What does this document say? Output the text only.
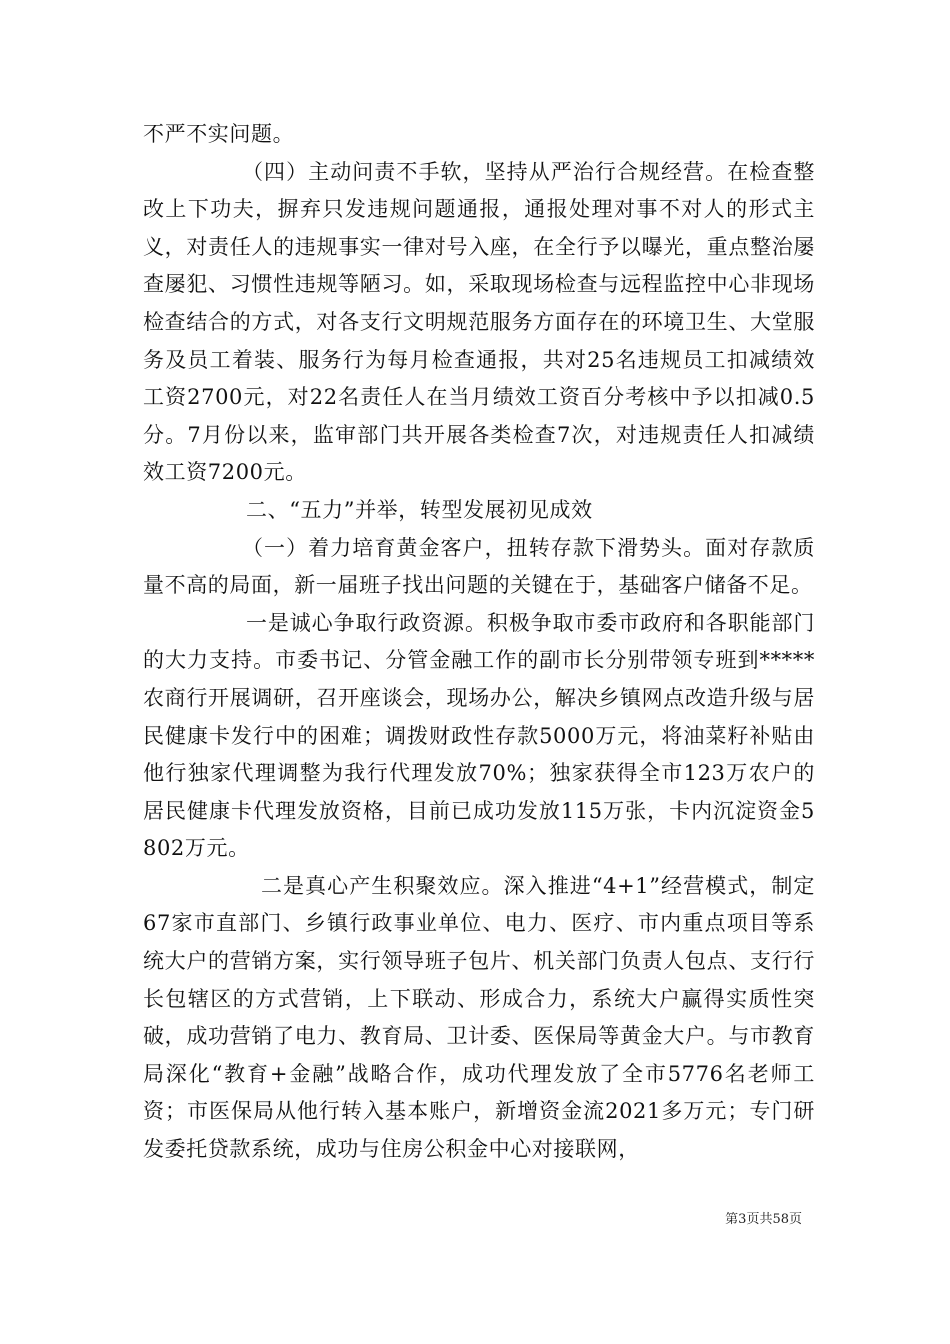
不严不实问题。

（四）主动问责不手软，坚持从严治行合规经营。在检查整改上下功夫，摒弃只发违规问题通报，通报处理对事不对人的形式主义，对责任人的违规事实一律对号入座，在全行予以曝光，重点整治屡查屡犯、习惯性违规等陋习。如，采取现场检查与远程监控中心非现场检查结合的方式，对各支行文明规范服务方面存在的环境卫生、大堂服务及员工着装、服务行为每月检查通报，共对25名违规员工扣减绩效工资2700元，对22名责任人在当月绩效工资百分考核中予以扣减0.5分。7月份以来，监审部门共开展各类检查7次，对违规责任人扣减绩效工资7200元。

二、“五力”并举，转型发展初见成效

（一）着力培育黄金客户，扭转存款下滑势头。面对存款质量不高的局面，新一届班子找出问题的关键在于，基础客户储备不足。

一是诚心争取行政资源。积极争取市委市政府和各职能部门的大力支持。市委书记、分管金融工作的副市长分别带领专班到*****农商行开展调研，召开座谈会，现场办公，解决乡镇网点改造升级与居民健康卡发行中的困难；调拨财政性存款5000万元，将油菜籽补贴由他行独家代理调整为我行代理发放70%；独家获得全市123万农户的居民健康卡代理发放资格，目前已成功发放115万张，卡内沉淀资金5802万元。

二是真心产生积聚效应。深入推进“4+1”经营模式，制定67家市直部门、乡镇行政事业单位、电力、医疗、市内重点项目等系统大户的营销方案，实行领导班子包片、机关部门负责人包点、支行行长包辖区的方式营销，上下联动、形成合力，系统大户赢得实质性突破，成功营销了电力、教育局、卫计委、医保局等黄金大户。与市教育局深化“教育+金融”战略合作，成功代理发放了全市5776名老师工资；市医保局从他行转入基本账户，新增资金流2021多万元；专门研发委托贷款系统，成功与住房公积金中心对接联网，

第3页共58页
